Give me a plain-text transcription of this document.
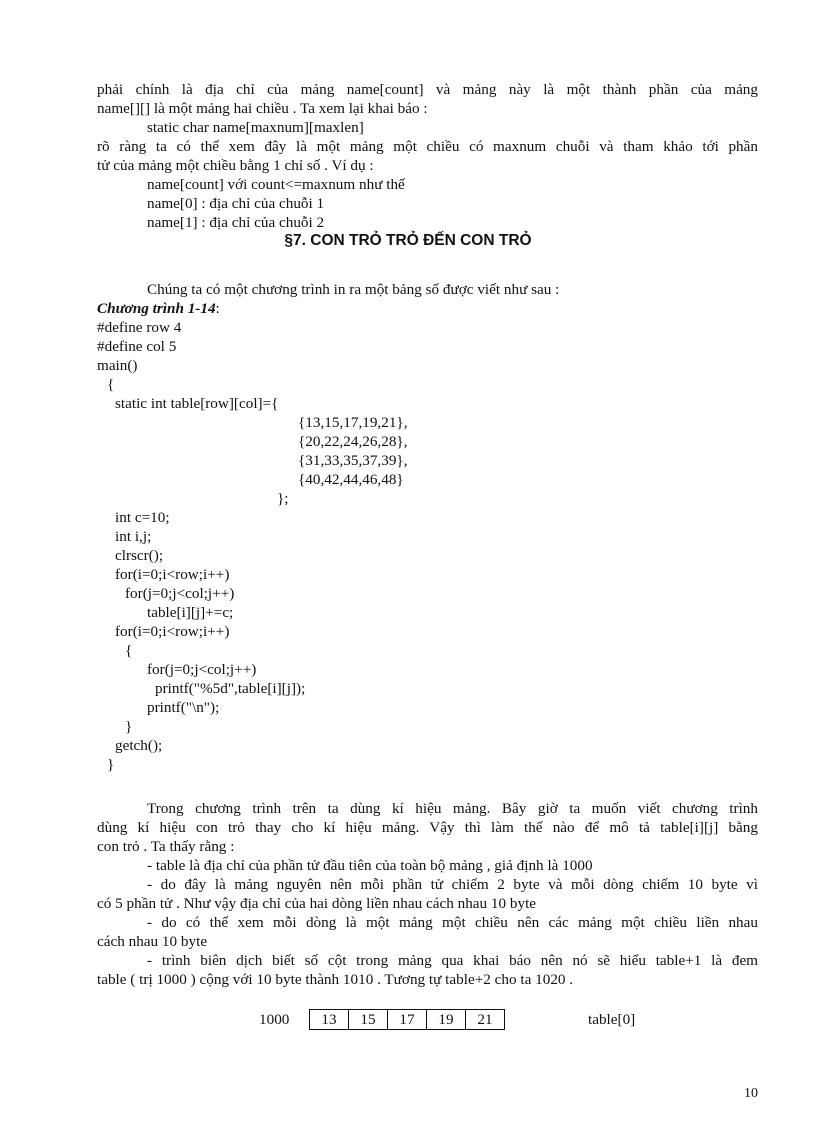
phải chính là địa chỉ của mảng name[count] và mảng này là một thành phần của mảng
name[][] là một mảng hai chiều . Ta xem lại khai báo :
static char name[maxnum][maxlen]
rõ ràng ta có thể xem đây là một mảng một chiều có maxnum chuỗi và tham khảo tới phần
tử của mảng một chiều bằng 1 chỉ số . Ví dụ :
name[count] với count<=maxnum như thế
name[0] : địa chỉ của chuỗi 1
name[1] : địa chỉ của chuỗi 2
§7. CON TRỎ TRỎ ĐẾN CON TRỎ
Chúng ta có một chương trình in ra một bảng số được viết như sau :
Chương trình 1-14:
#define row 4
#define col 5
main()
{
static int table[row][col]={
{13,15,17,19,21},
{20,22,24,26,28},
{31,33,35,37,39},
{40,42,44,46,48}
};
int c=10;
int i,j;
clrscr();
for(i=0;i<row;i++)
for(j=0;j<col;j++)
table[i][j]+=c;
for(i=0;i<row;i++)
{
for(j=0;j<col;j++)
printf("%5d",table[i][j]);
printf("\n");
}
getch();
}
Trong chương trình trên ta dùng kí hiệu mảng. Bây giờ ta muốn viết chương trình
dùng kí hiệu con trỏ thay cho kí hiệu mảng. Vậy thì làm thế nào để mô tả table[i][j] bằng
con trỏ . Ta thấy rằng :
- table là địa chỉ của phần tử đầu tiên của toàn bộ mảng , giả định là 1000
- do đây là mảng nguyên nên mỗi phần tử chiếm 2 byte và mỗi dòng chiếm 10 byte vì
có 5 phần tử . Như vậy địa chỉ của hai dòng liền nhau cách nhau 10 byte
- do có thể xem mỗi dòng là một mảng một chiều nên các mảng một chiều liền nhau
cách nhau 10 byte
- trình biên dịch biết số cột trong mảng qua khai báo nên nó sẽ hiểu table+1 là đem
table ( trị 1000 ) cộng với 10 byte thành 1010 . Tương tự table+2 cho ta 1020 .
1000	13	15	17	19	21	table[0]
10
